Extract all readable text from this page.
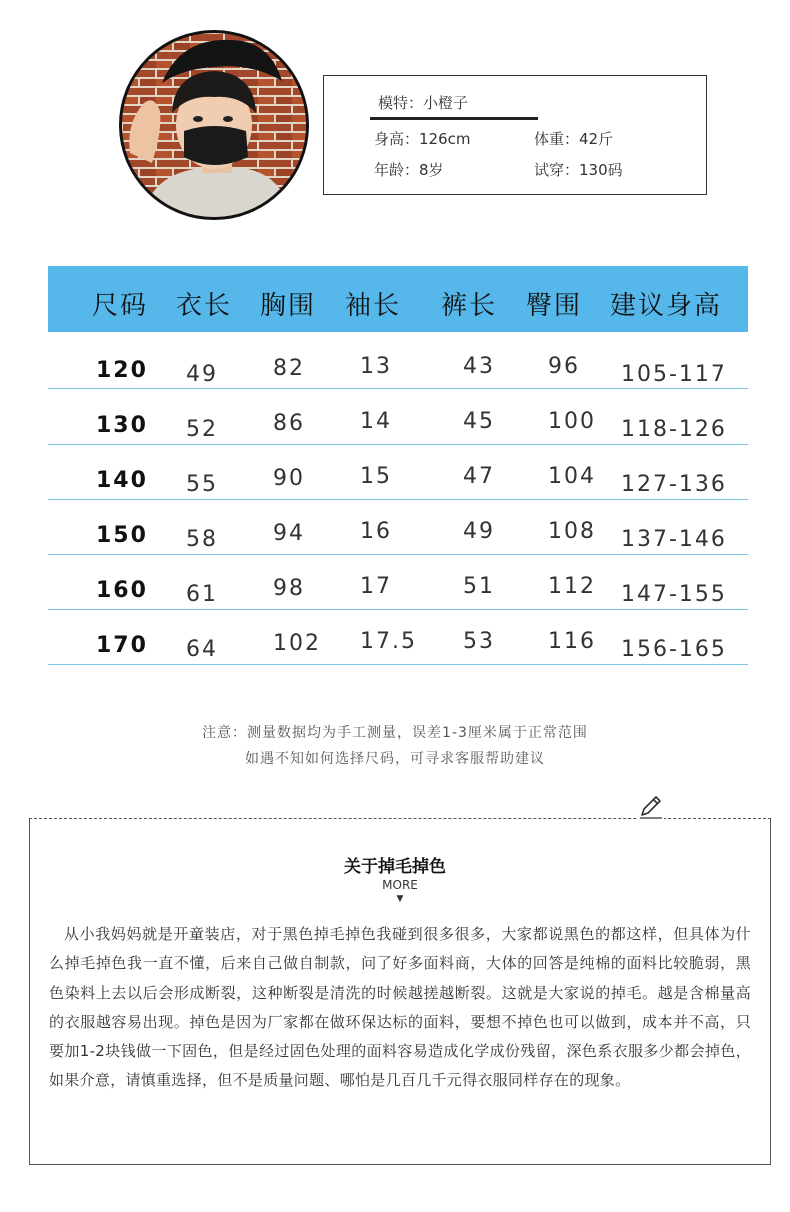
模特：小橙子
身高：126cm	体重：42斤
年龄：8岁	试穿：130码
尺码 衣长 胸围 袖长 裤长 臀围 建议身高
120 49	82	13	43 96 105-117
130 52	86	14	45 100 118-126
140 55	90	15	47 104 127-136
150 58	94	16	49 108 137-146
160 61	98	17	51 112 147-155
170 64	102 17.5 53 116 156-165
注意：测量数据均为手工测量，误差1-3厘米属于正常范围
如遇不知如何选择尺码，可寻求客服帮助建议
关于掉毛掉色
MORE
▼
从小我妈妈就是开童装店，对于黑色掉毛掉色我碰到很多很多，大家都说黑色的都这样，但具体为什么掉毛掉色我一直不懂，后来自己做自制款，问了好多面料商，大体的回答是纯棉的面料比较脆弱，黑色染料上去以后会形成断裂，这种断裂是清洗的时候越搓越断裂。这就是大家说的掉毛。越是含棉量高的衣服越容易出现。掉色是因为厂家都在做环保达标的面料，要想不掉色也可以做到，成本并不高，只要加1-2块钱做一下固色，但是经过固色处理的面料容易造成化学成份残留，深色系衣服多少都会掉色，如果介意，请慎重选择，但不是质量问题、哪怕是几百几千元得衣服同样存在的现象。
